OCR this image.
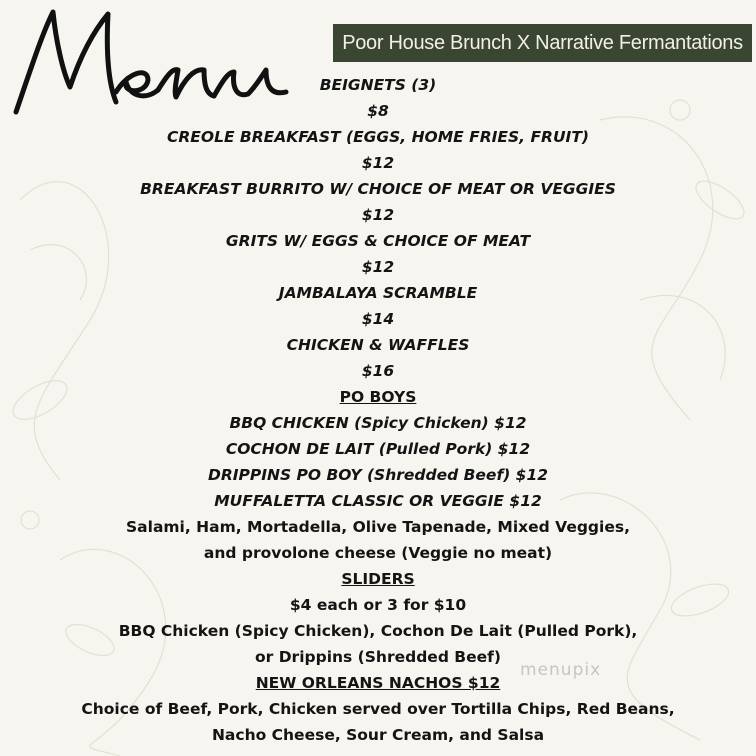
Poor House Brunch X Narrative Fermantations
BEIGNETS (3)
$8
CREOLE BREAKFAST (EGGS, HOME FRIES, FRUIT)
$12
BREAKFAST BURRITO W/ CHOICE OF MEAT OR VEGGIES
$12
GRITS W/ EGGS & CHOICE OF MEAT
$12
JAMBALAYA SCRAMBLE
$14
CHICKEN & WAFFLES
$16
PO BOYS
BBQ CHICKEN (Spicy Chicken) $12
COCHON DE LAIT (Pulled Pork) $12
DRIPPINS PO BOY (Shredded Beef) $12
MUFFALETTA CLASSIC OR VEGGIE $12
Salami, Ham, Mortadella, Olive Tapenade, Mixed Veggies,
and provolone cheese (Veggie no meat)
SLIDERS
$4 each or 3 for $10
BBQ Chicken (Spicy Chicken), Cochon De Lait (Pulled Pork),
or Drippins (Shredded Beef)
NEW ORLEANS NACHOS $12
Choice of Beef, Pork, Chicken served over Tortilla Chips, Red Beans,
Nacho Cheese, Sour Cream, and Salsa
menupix
